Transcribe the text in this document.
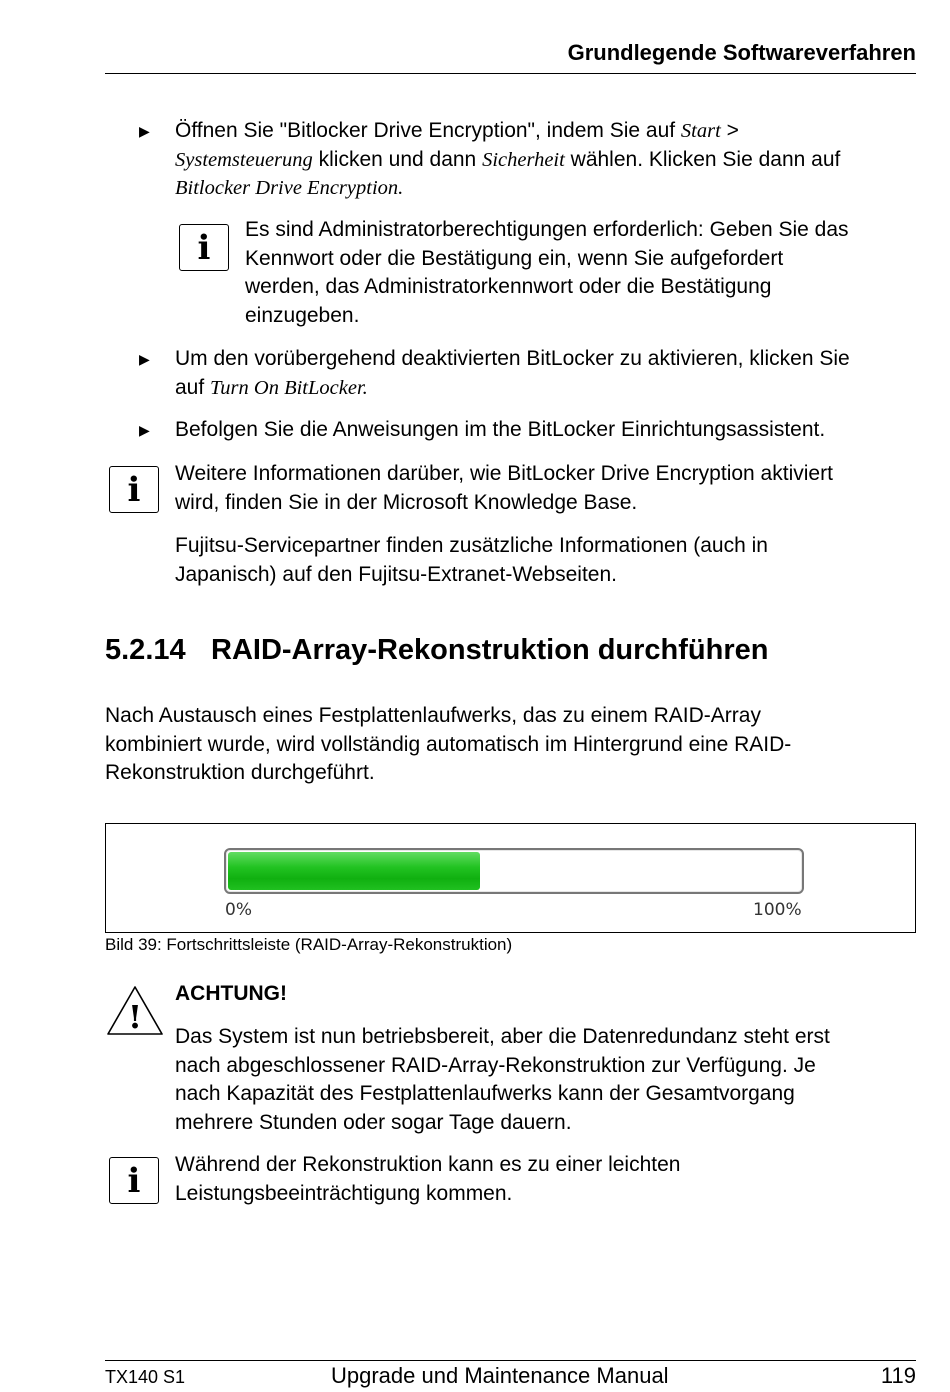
Grundlegende Softwareverfahren
▶ Öffnen Sie "Bitlocker Drive Encryption", indem Sie auf Start >
Systemsteuerung klicken und dann Sicherheit wählen. Klicken Sie dann auf
Bitlocker Drive Encryption.
i	Es sind Administratorberechtigungen erforderlich: Geben Sie das
Kennwort oder die Bestätigung ein, wenn Sie aufgefordert
werden, das Administratorkennwort oder die Bestätigung
einzugeben.
▶ Um den vorübergehend deaktivierten BitLocker zu aktivieren, klicken Sie
auf Turn On BitLocker.
▶ Befolgen Sie die Anweisungen im the BitLocker Einrichtungsassistent.
i	Weitere Informationen darüber, wie BitLocker Drive Encryption aktiviert
wird, finden Sie in der Microsoft Knowledge Base.
Fujitsu-Servicepartner finden zusätzliche Informationen (auch in
Japanisch) auf den Fujitsu-Extranet-Webseiten.
5.2.14 RAID-Array-Rekonstruktion durchführen
Nach Austausch eines Festplattenlaufwerks, das zu einem RAID-Array
kombiniert wurde, wird vollständig automatisch im Hintergrund eine RAID-
Rekonstruktion durchgeführt.
0%	100%
Bild 39: Fortschrittsleiste (RAID-Array-Rekonstruktion)
!
ACHTUNG!
Das System ist nun betriebsbereit, aber die Datenredundanz steht erst
nach abgeschlossener RAID-Array-Rekonstruktion zur Verfügung. Je
nach Kapazität des Festplattenlaufwerks kann der Gesamtvorgang
mehrere Stunden oder sogar Tage dauern.
i	Während der Rekonstruktion kann es zu einer leichten
Leistungsbeeinträchtigung kommen.
TX140 S1	Upgrade und Maintenance Manual	119
